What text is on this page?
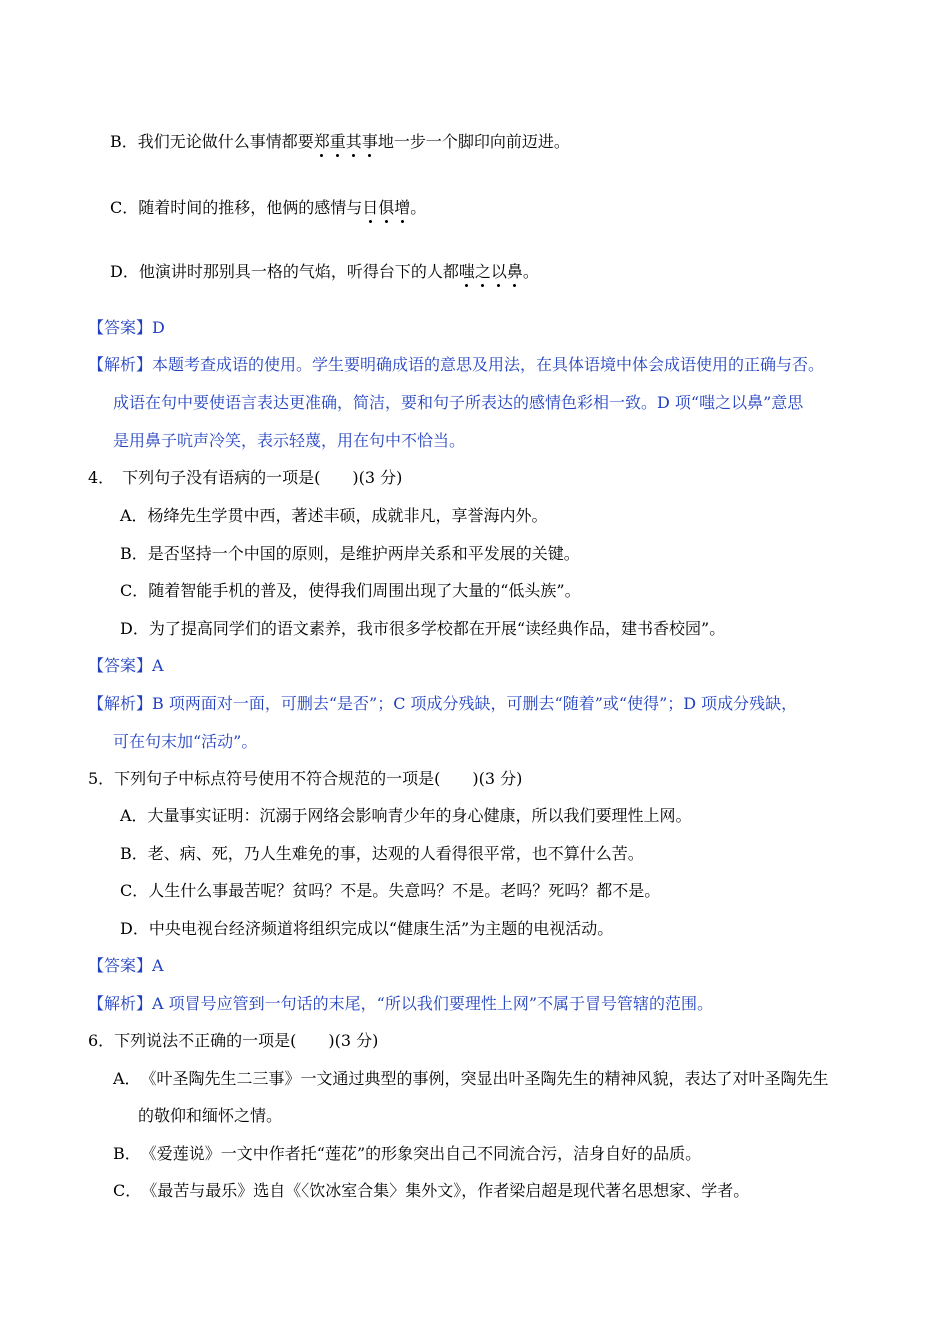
B．我们无论做什么事情都要郑重其事地一步一个脚印向前迈进。
C．随着时间的推移，他俩的感情与日俱增。
D．他演讲时那别具一格的气焰，听得台下的人都嗤之以鼻。
【答案】D
【解析】本题考查成语的使用。学生要明确成语的意思及用法，在具体语境中体会成语使用的正确与否。
成语在句中要使语言表达更准确，简洁，要和句子所表达的感情色彩相一致。D 项“嗤之以鼻”意思
是用鼻子吭声冷笑，表示轻蔑，用在句中不恰当。
4．　下列句子没有语病的一项是(　　)(3 分)
A．杨绛先生学贯中西，著述丰硕，成就非凡，享誉海内外。
B．是否坚持一个中国的原则，是维护两岸关系和平发展的关键。
C．随着智能手机的普及，使得我们周围出现了大量的“低头族”。
D．为了提高同学们的语文素养，我市很多学校都在开展“读经典作品，建书香校园”。
【答案】A
【解析】B 项两面对一面，可删去“是否”；C 项成分残缺，可删去“随着”或“使得”；D 项成分残缺，
可在句末加“活动”。
5．下列句子中标点符号使用不符合规范的一项是(　　)(3 分)
A．大量事实证明：沉溺于网络会影响青少年的身心健康，所以我们要理性上网。
B．老、病、死，乃人生难免的事，达观的人看得很平常，也不算什么苦。
C．人生什么事最苦呢？贫吗？不是。失意吗？不是。老吗？死吗？都不是。
D．中央电视台经济频道将组织完成以“健康生活”为主题的电视活动。
【答案】A
【解析】A 项冒号应管到一句话的末尾，“所以我们要理性上网”不属于冒号管辖的范围。
6．下列说法不正确的一项是(　　)(3 分)
A．　《叶圣陶先生二三事》一文通过典型的事例，突显出叶圣陶先生的精神风貌，表达了对叶圣陶先生
的敬仰和缅怀之情。
B．　《爱莲说》一文中作者托“莲花”的形象突出自己不同流合污，洁身自好的品质。
C．　《最苦与最乐》选自《〈饮冰室合集〉集外文》，作者梁启超是现代著名思想家、学者。
